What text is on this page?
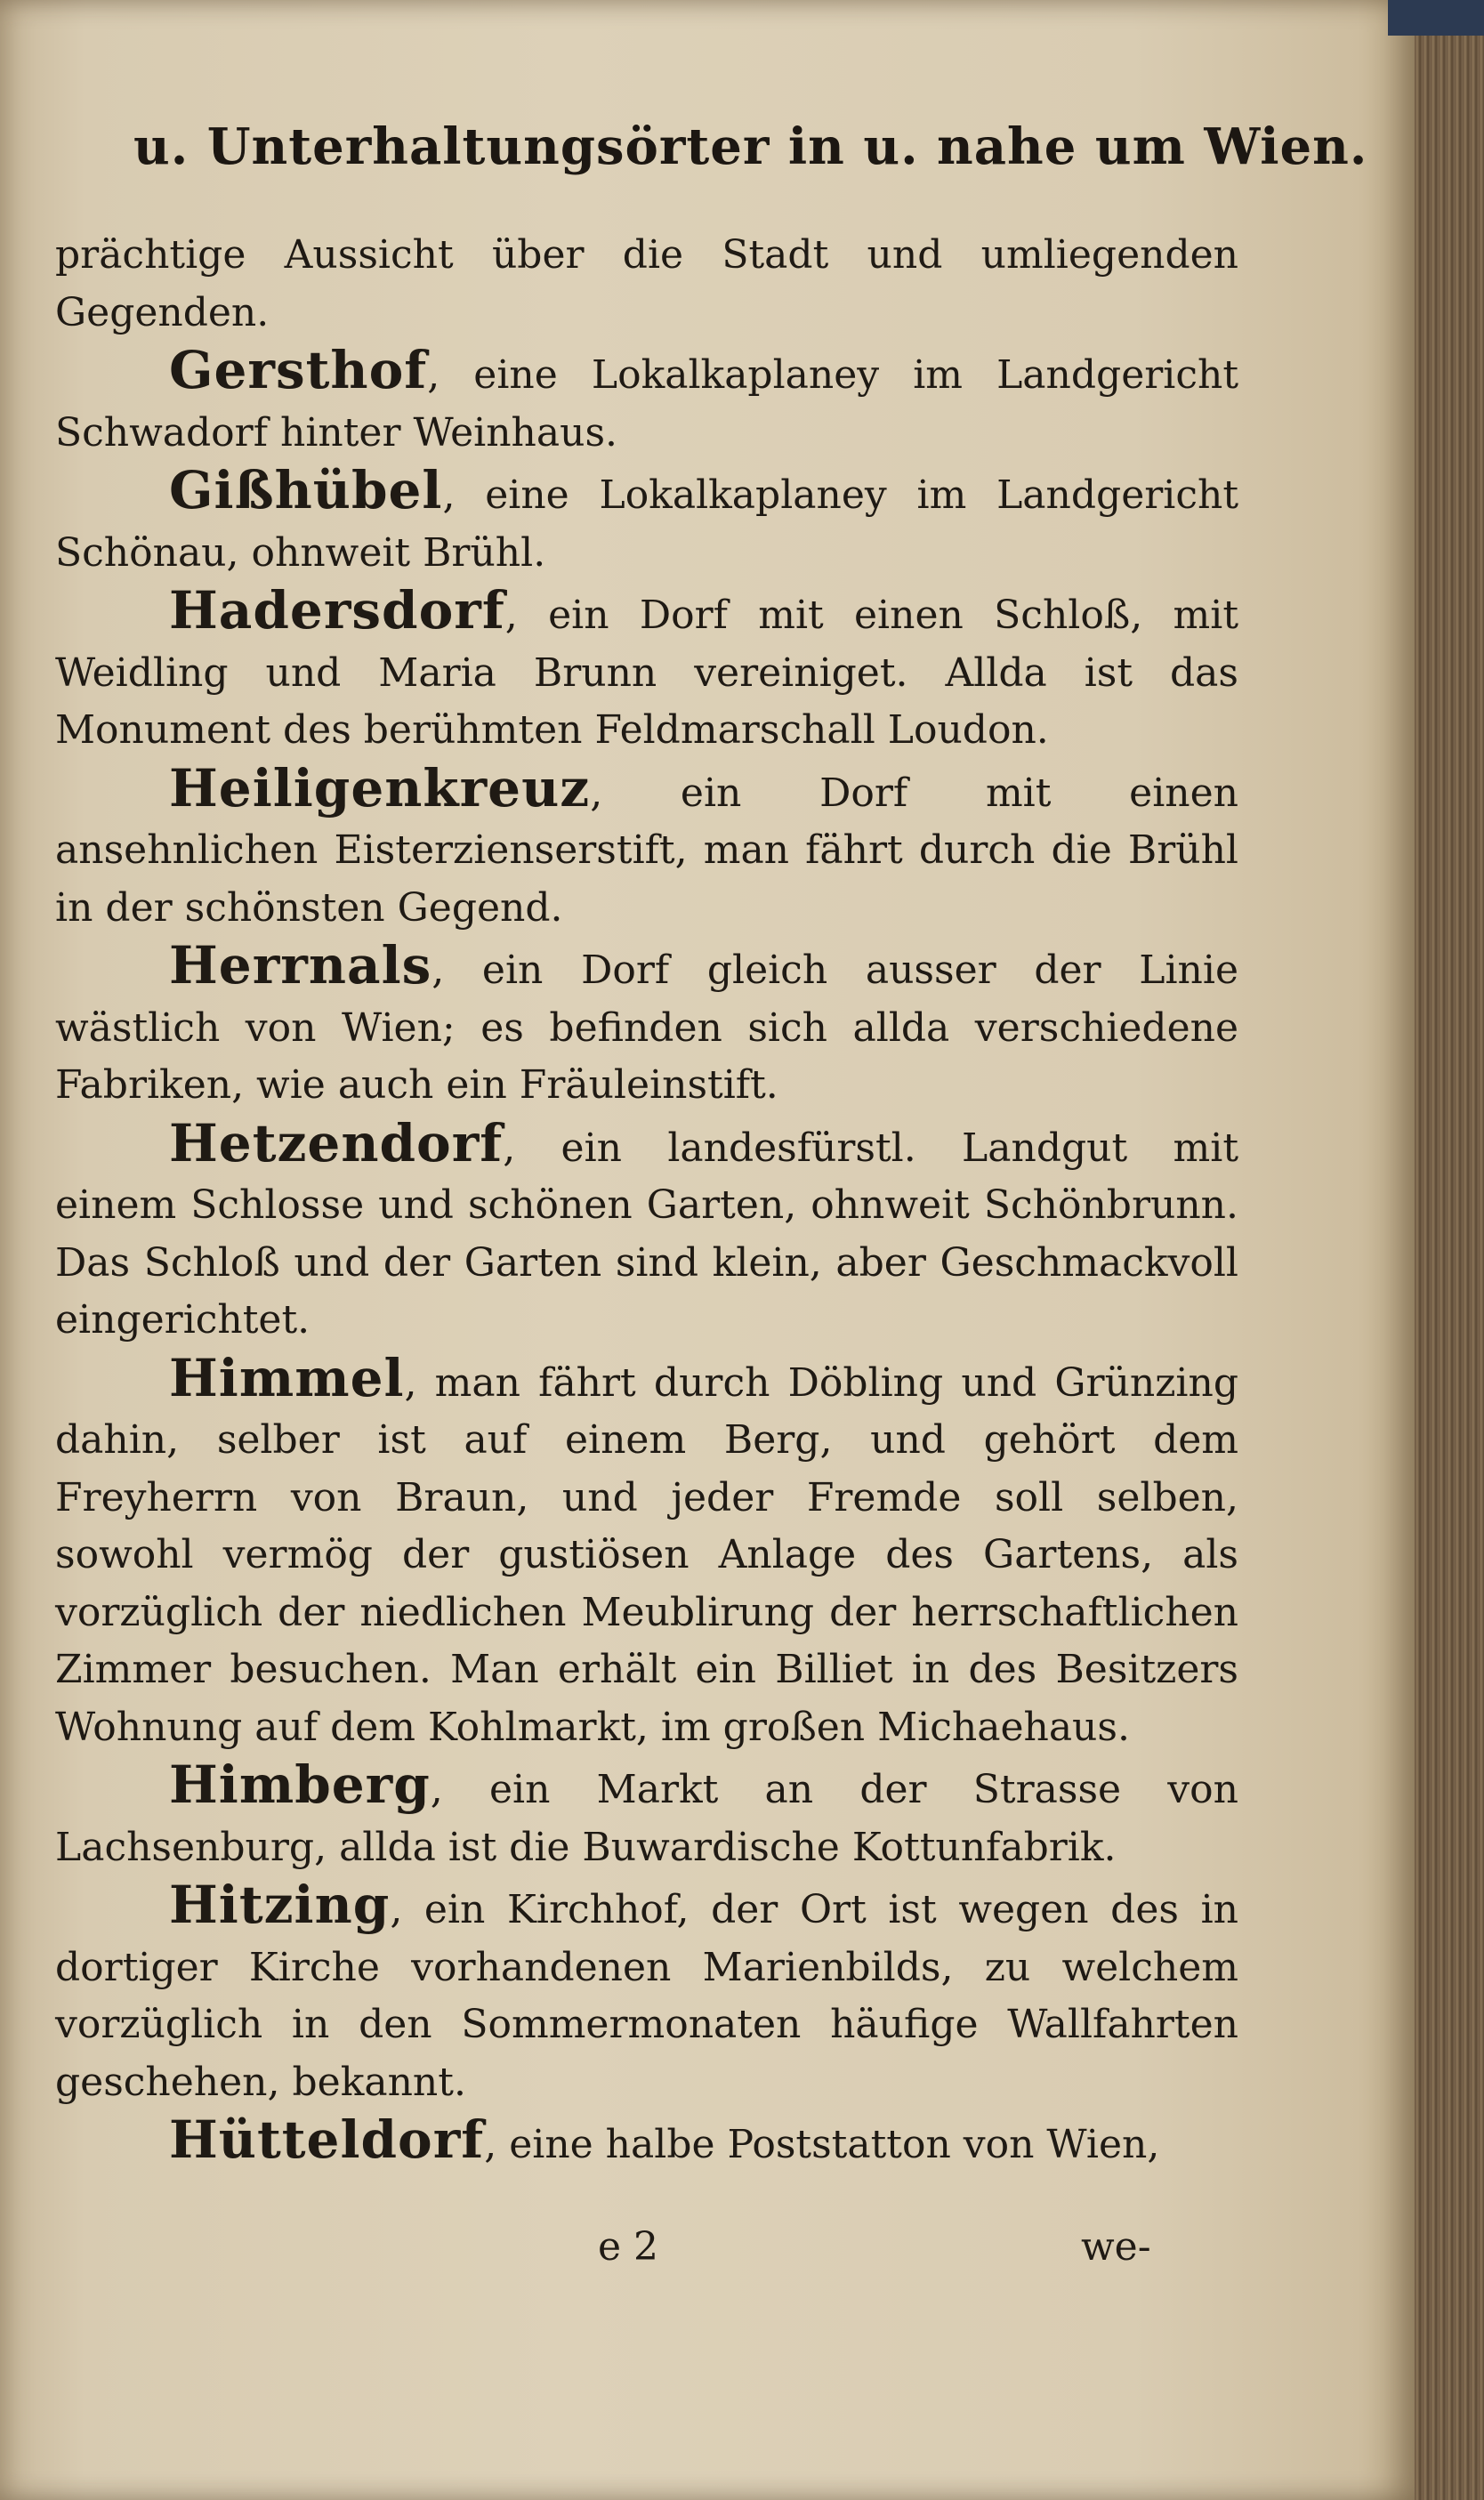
u. Unterhaltungsörter in u. nahe um Wien.

prächtige Aussicht über die Stadt und umliegenden Gegenden.

Gersthof, eine Lokalkaplaney im Landgericht Schwadorf hinter Weinhaus.

Gißhübel, eine Lokalkaplaney im Landgericht Schönau, ohnweit Brühl.

Hadersdorf, ein Dorf mit einen Schloß, mit Weidling und Maria Brunn vereiniget. Allda ist das Monument des berühmten Feldmarschall Loudon.

Heiligenkreuz, ein Dorf mit einen ansehnlichen Eisterzienserstift, man fährt durch die Brühl in der schönsten Gegend.

Herrnals, ein Dorf gleich ausser der Linie wästlich von Wien; es befinden sich allda verschiedene Fabriken, wie auch ein Fräuleinstift.

Hetzendorf, ein landesfürstl. Landgut mit einem Schlosse und schönen Garten, ohnweit Schönbrunn. Das Schloß und der Garten sind klein, aber Geschmackvoll eingerichtet.

Himmel, man fährt durch Döbling und Grünzing dahin, selber ist auf einem Berg, und gehört dem Freyherrn von Braun, und jeder Fremde soll selben, sowohl vermög der gustiösen Anlage des Gartens, als vorzüglich der niedlichen Meublirung der herrschaftlichen Zimmer besuchen. Man erhält ein Billiet in des Besitzers Wohnung auf dem Kohlmarkt, im großen Michaehaus.

Himberg, ein Markt an der Strasse von Lachsenburg, allda ist die Buwardische Kottunfabrik.

Hitzing, ein Kirchhof, der Ort ist wegen des in dortiger Kirche vorhandenen Marienbilds, zu welchem vorzüglich in den Sommermonaten häufige Wallfahrten geschehen, bekannt.

Hütteldorf, eine halbe Poststatton von Wien,

e 2	we-
